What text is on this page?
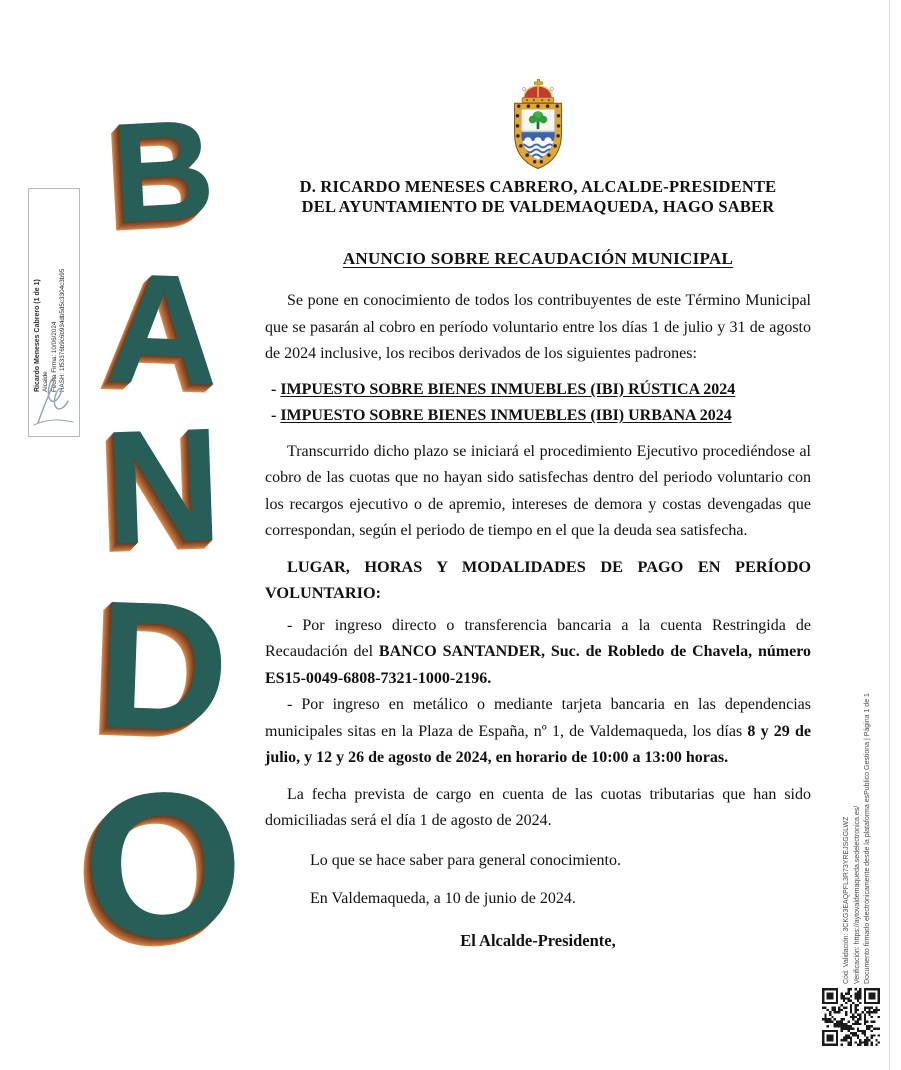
B
A
N
D
O
Ricardo Meneses Cabrero (1 de 1) Alcalde Fecha Firma: 10/06/2024 HASH: 1f53376b9c6b934db5d5c3304c3b95
D. RICARDO MENESES CABRERO, ALCALDE-PRESIDENTE
DEL AYUNTAMIENTO DE VALDEMAQUEDA, HAGO SABER
ANUNCIO SOBRE RECAUDACIÓN MUNICIPAL

Se pone en conocimiento de todos los contribuyentes de este Término Municipal que se pasarán al cobro en período voluntario entre los días 1 de julio y 31 de agosto de 2024 inclusive, los recibos derivados de los siguientes padrones:

- IMPUESTO SOBRE BIENES INMUEBLES (IBI) RÚSTICA 2024
- IMPUESTO SOBRE BIENES INMUEBLES (IBI) URBANA 2024

Transcurrido dicho plazo se iniciará el procedimiento Ejecutivo procediéndose al cobro de las cuotas que no hayan sido satisfechas dentro del periodo voluntario con los recargos ejecutivo o de apremio, intereses de demora y costas devengadas que correspondan, según el periodo de tiempo en el que la deuda sea satisfecha.

LUGAR, HORAS Y MODALIDADES DE PAGO EN PERÍODO VOLUNTARIO:

- Por ingreso directo o transferencia bancaria a la cuenta Restringida de Recaudación del BANCO SANTANDER, Suc. de Robledo de Chavela, número ES15-0049-6808-7321-1000-2196.

- Por ingreso en metálico o mediante tarjeta bancaria en las dependencias municipales sitas en la Plaza de España, nº 1, de Valdemaqueda, los días 8 y 29 de julio, y 12 y 26 de agosto de 2024, en horario de 10:00 a 13:00 horas.

La fecha prevista de cargo en cuenta de las cuotas tributarias que han sido domiciliadas será el día 1 de agosto de 2024.

Lo que se hace saber para general conocimiento.

En Valdemaqueda, a 10 de junio de 2024.

El Alcalde-Presidente,	Cód. Validación: 3CKG3EAQPFL3R73YREJSGGLWZ Verificación: https://aytovaldemaqueda.sedelectronica.es/ Documento firmado electrónicamente desde la plataforma esPublico Gestiona | Página 1 de 1
